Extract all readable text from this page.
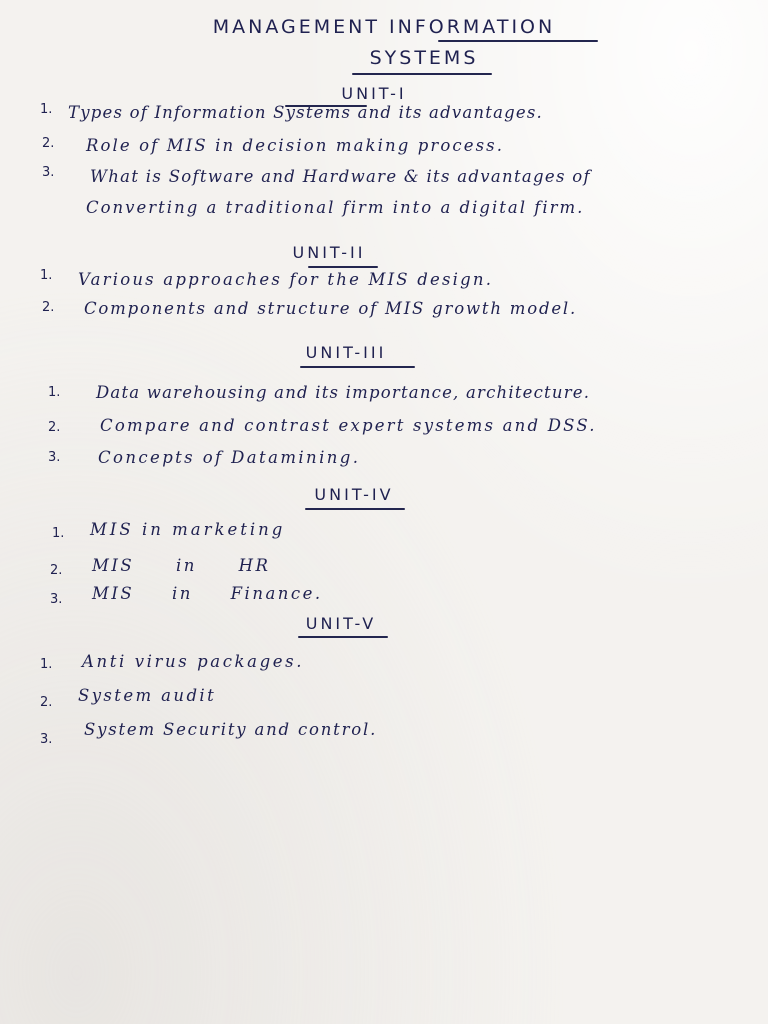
MANAGEMENT INFORMATION
SYSTEMS
UNIT-I
1. Types of Information Systems and its advantages.
2. Role of MIS in decision making process.
3. What is Software and Hardware & its advantages of
Converting a traditional firm into a digital firm.
UNIT-II
1. Various approaches for the MIS design.
2. Components and structure of MIS growth model.
UNIT-III
1. Data warehousing and its importance, architecture.
2. Compare and contrast expert systems and DSS.
3. Concepts of Datamining.
UNIT-IV
1. MIS in marketing
2. MIS in HR
3. MIS in Finance.
UNIT-V
1. Anti virus packages.
2. System audit
3.
System Security and control.
